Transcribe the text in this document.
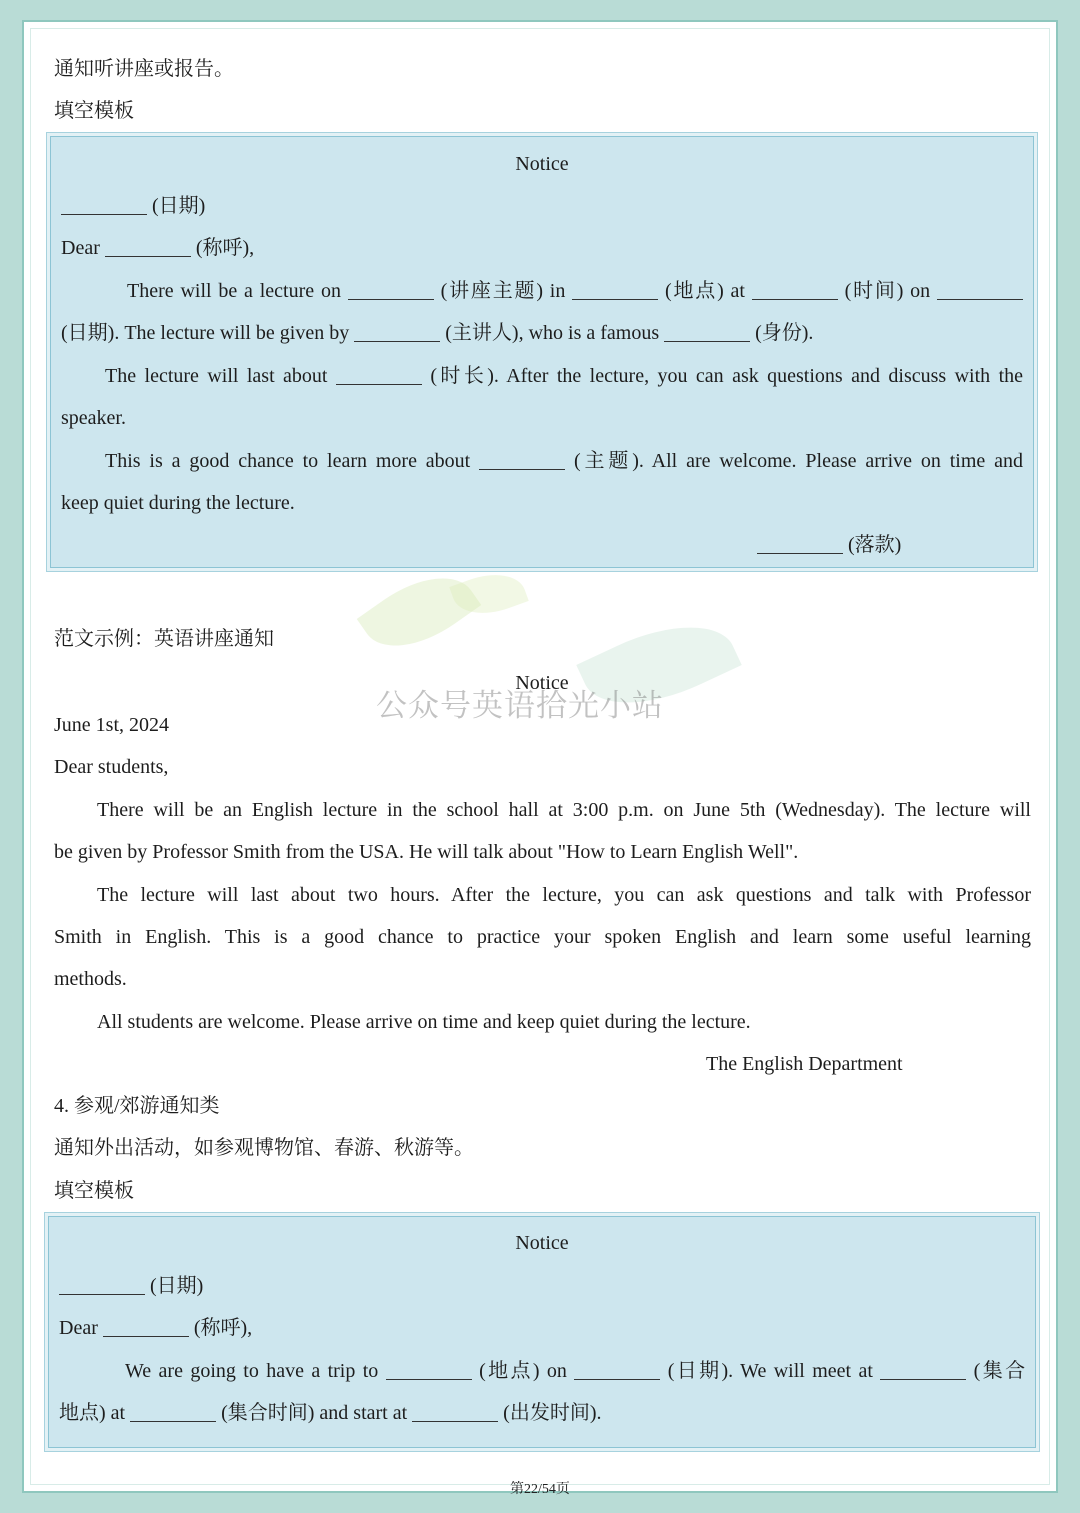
通知听讲座或报告。
填空模板
Notice
(日期)
Dear	(称呼),
There will be a lecture on	(讲座主题) in	(地点) at	(时间) on
(日期). The lecture will be given by	(主讲人), who is a famous	(身份).
The lecture will last about	(时长). After the lecture, you can ask questions and discuss with the
speaker.
This is a good chance to learn more about	(主题). All are welcome. Please arrive on time and
keep quiet during the lecture.
(落款)
范文示例：英语讲座通知
Notice
公众号英语拾光小站
June 1st, 2024
Dear students,
There will be an English lecture in the school hall at 3:00 p.m. on June 5th (Wednesday). The lecture will
be given by Professor Smith from the USA. He will talk about "How to Learn English Well".
The lecture will last about two hours. After the lecture, you can ask questions and talk with Professor
Smith in English. This is a good chance to practice your spoken English and learn some useful learning
methods.
All students are welcome. Please arrive on time and keep quiet during the lecture.
The English Department
4. 参观/郊游通知类
通知外出活动，如参观博物馆、春游、秋游等。
填空模板
Notice
(日期)
Dear	(称呼),
We are going to have a trip to	(地点) on	(日期). We will meet at	(集合
地点) at	(集合时间) and start at	(出发时间).
第22/54页
